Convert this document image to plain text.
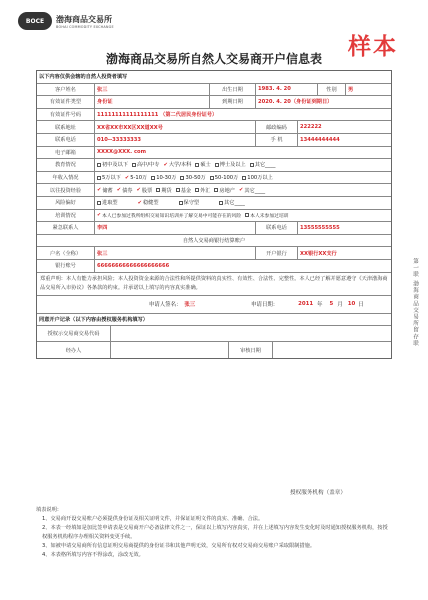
BOCE	渤海商品交易所
BOHAI COMMODITY EXCHANGE
样本
渤海商品交易所自然人交易商开户信息表
以下内容仅供会辖的自然人投资者填写
客户姓名	张三	出生日期	1983. 4. 20	性别	男
有效证件类型	身份证	到期日期	2020. 4. 20（身份证到期日）
有效证件号码	11111111111111111 （第二代居民身份证号）
联系地址	XX省XX市XX区XX道XX号	邮政编码	222222
联系电话	010--33333333	手 机	13444444444
电子邮箱	XXXX@XXX. com
教育情况	初中及以下 高中/中专 ✔ 大学/本科 硕士 博士及以上 其它____
年收入情况	5万以下 ✔ 5-10万 10-30万 30-50万 50-100万 100万以上
以往投资经验	✔ 储蓄 ✔ 债券 ✔ 股票 期货 基金 外汇 房地产 ✔ 其它____
风险偏好	进取型	✔ 稳健型	保守型	其它____
培训情况	✔ 本人已参加过我所组织交易知识培训并了解交易中可能存在的风险 本人未参加过培训
紧急联系人	李四	联系电话	13555555555
自然人交易商银行结算账户
户名（全称）	张三	开户银行	XX银行XX支行
银行账号	66666666666666666666
郑重声明：本人有能力承担风险；本人投资资金来源的合法性和所提供资料的真实性、有效性、合法性、完整性。本人已经了解并愿意遵守《天津渤海商品交易所入市协议》各条款的约束。并承诺以上填写的内容真实准确。
申请人签名： 张三	申请日期：	2011 年 5 月 10 日
同意开户记录（以下内容由授权服务机构填写）
授权示交易商交易代码
经办人	审核日期
第一联 渤海商品交易所留存联
授权服务机构（盖章）
填表说明：
1、交易商开设交易账户必须提供身份证及相关证明文件，并保证证明文件的真实、准确、合法。
2、本表一经填如是加比签申请表是交易商开户必备法律文件之一，保证以上填写内容真实，并在上述填写内容发生变化时及时通知授权服务机构，按授权服务机构程序办理相关资料变更手续。
3、如被申请交易商所有信息证明交易商提供的身份证书和其他声明无效，交易所有权对交易商交易账户采取限制措施。
4、本表格所填写内容不得涂改，涂改无效。
